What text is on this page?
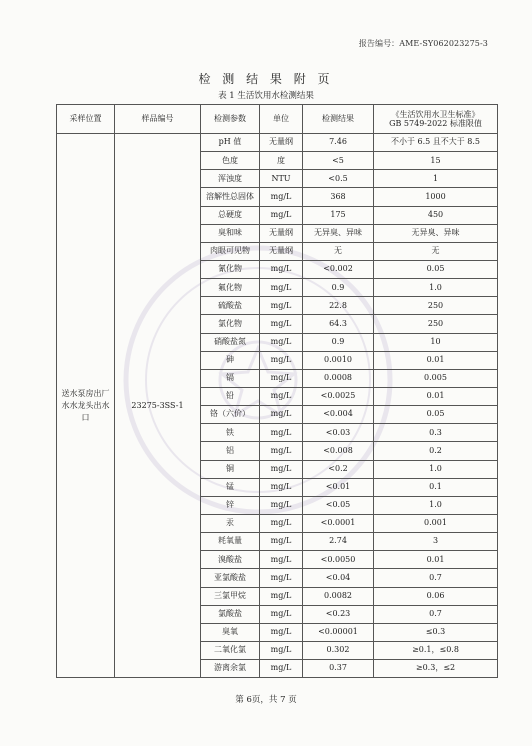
报告编号：AME-SY062023275-3
检 测 结 果 附 页
表 1 生活饮用水检测结果
采样位置	样品编号	检测参数	单位	检测结果	《生活饮用水卫生标准》
GB 5749-2022 标准限值
送水泵房出厂水水龙头出水口	23275-3SS-1	pH 值	无量纲	7.46	不小于 6.5 且不大于 8.5
		色度	度	<5	15
		浑浊度	NTU	<0.5	1
		溶解性总固体	mg/L	368	1000
		总硬度	mg/L	175	450
		臭和味	无量纲	无异臭、异味	无异臭、异味
		肉眼可见物	无量纲	无	无
		氰化物	mg/L	<0.002	0.05
		氟化物	mg/L	0.9	1.0
		硫酸盐	mg/L	22.8	250
		氯化物	mg/L	64.3	250
		硝酸盐氮	mg/L	0.9	10
		砷	mg/L	0.0010	0.01
		镉	mg/L	0.0008	0.005
		铅	mg/L	<0.0025	0.01
		铬（六价）	mg/L	<0.004	0.05
		铁	mg/L	<0.03	0.3
		铝	mg/L	<0.008	0.2
		铜	mg/L	<0.2	1.0
		锰	mg/L	<0.01	0.1
		锌	mg/L	<0.05	1.0
		汞	mg/L	<0.0001	0.001
		耗氧量	mg/L	2.74	3
		溴酸盐	mg/L	<0.0050	0.01
		亚氯酸盐	mg/L	<0.04	0.7
		三氯甲烷	mg/L	0.0082	0.06
		氯酸盐	mg/L	<0.23	0.7
		臭氧	mg/L	<0.00001	≤0.3
		二氧化氯	mg/L	0.302	≥0.1，≤0.8
		游离余氯	mg/L	0.37	≥0.3，≤2
第 6页，共 7 页
